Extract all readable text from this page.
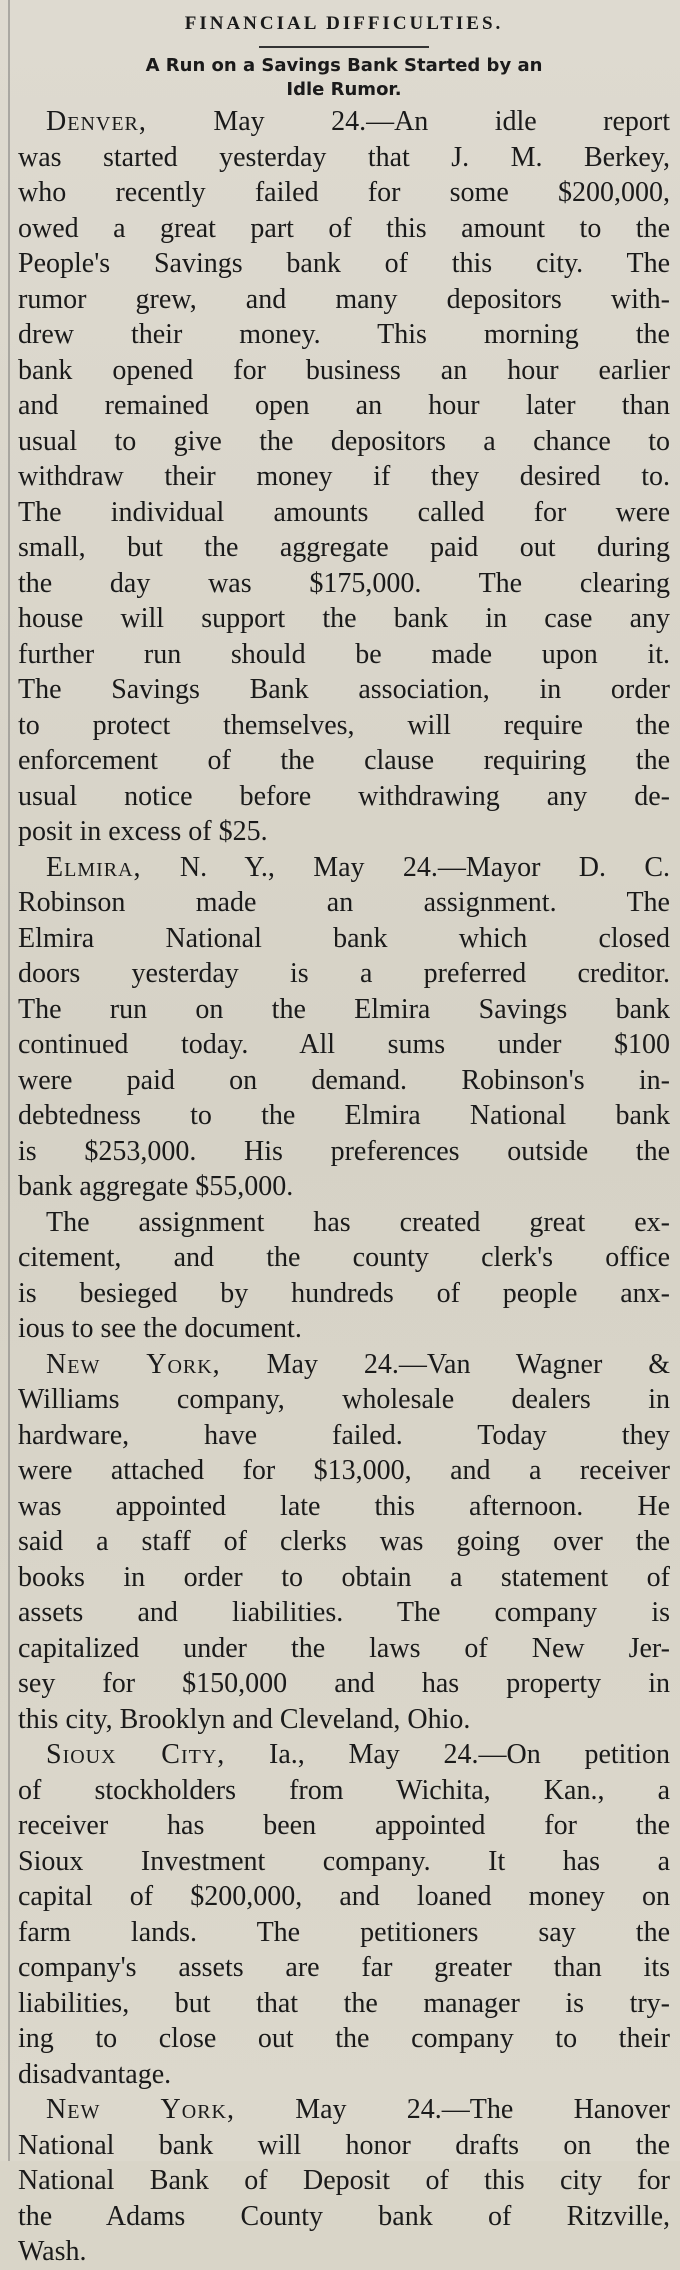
FINANCIAL DIFFICULTIES.
A Run on a Savings Bank Started by an
Idle Rumor.
Denver, May 24.—An idle report
was started yesterday that J. M. Berkey,
who recently failed for some $200,000,
owed a great part of this amount to the
People's Savings bank of this city. The
rumor grew, and many depositors with-
drew their money. This morning the
bank opened for business an hour earlier
and remained open an hour later than
usual to give the depositors a chance to
withdraw their money if they desired to.
The individual amounts called for were
small, but the aggregate paid out during
the day was $175,000. The clearing
house will support the bank in case any
further run should be made upon it.
The Savings Bank association, in order
to protect themselves, will require the
enforcement of the clause requiring the
usual notice before withdrawing any de-
posit in excess of $25.
Elmira, N. Y., May 24.—Mayor D. C.
Robinson made an assignment. The
Elmira National bank which closed
doors yesterday is a preferred creditor.
The run on the Elmira Savings bank
continued today. All sums under $100
were paid on demand. Robinson's in-
debtedness to the Elmira National bank
is $253,000. His preferences outside the
bank aggregate $55,000.
The assignment has created great ex-
citement, and the county clerk's office
is besieged by hundreds of people anx-
ious to see the document.
New York, May 24.—Van Wagner &
Williams company, wholesale dealers in
hardware, have failed. Today they
were attached for $13,000, and a receiver
was appointed late this afternoon. He
said a staff of clerks was going over the
books in order to obtain a statement of
assets and liabilities. The company is
capitalized under the laws of New Jer-
sey for $150,000 and has property in
this city, Brooklyn and Cleveland, Ohio.
Sioux City, Ia., May 24.—On petition
of stockholders from Wichita, Kan., a
receiver has been appointed for the
Sioux Investment company. It has a
capital of $200,000, and loaned money on
farm lands. The petitioners say the
company's assets are far greater than its
liabilities, but that the manager is try-
ing to close out the company to their
disadvantage.
New York, May 24.—The Hanover
National bank will honor drafts on the
National Bank of Deposit of this city for
the Adams County bank of Ritzville,
Wash.
